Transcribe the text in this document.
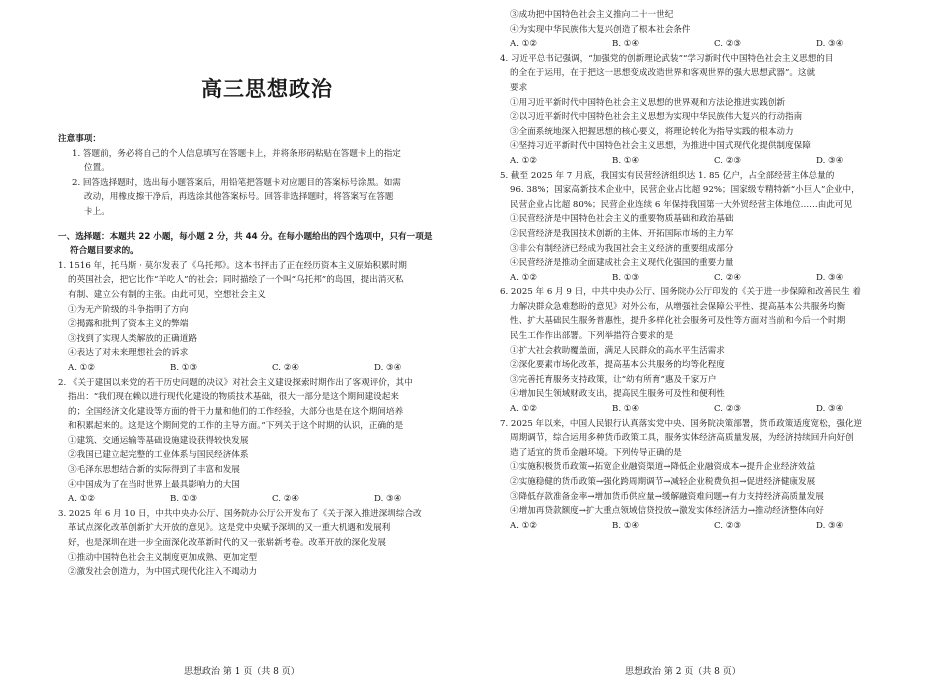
高三思想政治
注意事项：
1. 答题前，务必将自己的个人信息填写在答题卡上，并将条形码粘贴在答题卡上的指定
位置。
2. 回答选择题时，选出每小题答案后，用铅笔把答题卡对应题目的答案标号涂黑。如需
改动，用橡皮擦干净后，再选涂其他答案标号。回答非选择题时，将答案写在答题
卡上。
一、选择题：本题共 22 小题，每小题 2 分，共 44 分。在每小题给出的四个选项中，只有一项是
符合题目要求的。
1. 1516 年，托马斯 · 莫尔发表了《乌托邦》。这本书抨击了正在经历资本主义原始积累时期
的英国社会，把它比作“羊吃人”的社会；同时描绘了一个叫“乌托邦”的岛国，提出消灭私
有制、建立公有制的主张。由此可见，空想社会主义
①为无产阶级的斗争指明了方向
②揭露和批判了资本主义的弊端
③找到了实现人类解放的正确道路
④表达了对未来理想社会的诉求
A. ①②	B. ①③	C. ②④	D. ③④
2. 《关于建国以来党的若干历史问题的决议》对社会主义建设探索时期作出了客观评价，其中
指出：“我们现在赖以进行现代化建设的物质技术基础，很大一部分是这个期间建设起来
的；全国经济文化建设等方面的骨干力量和他们的工作经验，大部分也是在这个期间培养
和积累起来的。这是这个期间党的工作的主导方面。”下列关于这个时期的认识，正确的是
①建筑、交通运输等基础设施建设获得较快发展
②我国已建立起完整的工业体系与国民经济体系
③毛泽东思想结合新的实际得到了丰富和发展
④中国成为了在当时世界上最具影响力的大国
A. ①②	B. ①③	C. ②④	D. ③④
3. 2025 年 6 月 10 日，中共中央办公厅、国务院办公厅公开发布了《关于深入推进深圳综合改
革试点深化改革创新扩大开放的意见》。这是党中央赋予深圳的又一重大机遇和发展利
好，也是深圳在进一步全面深化改革新时代的又一张崭新考卷。改革开放的深化发展
①推动中国特色社会主义制度更加成熟、更加定型
②激发社会创造力，为中国式现代化注入不竭动力
思想政治 第 1 页（共 8 页）
③成功把中国特色社会主义推向二十一世纪
④为实现中华民族伟大复兴创造了根本社会条件
A. ①②	B. ①④	C. ②③	D. ③④
4. 习近平总书记强调，“加强党的创新理论武装”“学习新时代中国特色社会主义思想的目
的全在于运用，在于把这一思想变成改造世界和客观世界的强大思想武器”。这就
要求
①用习近平新时代中国特色社会主义思想的世界观和方法论推进实践创新
②以习近平新时代中国特色社会主义思想为实现中华民族伟大复兴的行动指南
③全面系统地深入把握思想的核心要义，将理论转化为指导实践的根本动力
④坚持习近平新时代中国特色社会主义思想，为推进中国式现代化提供制度保障
A. ①②	B. ①④	C. ②③	D. ③④
5. 截至 2025 年 7 月底，我国实有民营经济组织达 1. 85 亿户，占全部经营主体总量的
96. 38%；国家高新技术企业中，民营企业占比超 92%；国家级专精特新“小巨人”企业中，
民营企业占比超 80%；民营企业连续 6 年保持我国第一大外贸经营主体地位……由此可见
①民营经济是中国特色社会主义的重要物质基础和政治基础
②民营经济是我国技术创新的主体、开拓国际市场的主力军
③非公有制经济已经成为我国社会主义经济的重要组成部分
④民营经济是推动全面建成社会主义现代化强国的重要力量
A. ①②	B. ①③	C. ②④	D. ③④
6. 2025 年 6 月 9 日，中共中央办公厅、国务院办公厅印发的《关于进一步保障和改善民生 着
力解决群众急难愁盼的意见》对外公布，从增强社会保障公平性、提高基本公共服务均衡
性、扩大基础民生服务普惠性，提升多样化社会服务可及性等方面对当前和今后一个时期
民生工作作出部署。下列举措符合要求的是
①扩大社会救助覆盖面，满足人民群众的高水平生活需求
②深化要素市场化改革，提高基本公共服务的均等化程度
③完善托育服务支持政策，让“幼有所育”惠及千家万户
④增加民生领域财政支出，提高民生服务可及性和便利性
A. ①②	B. ①④	C. ②③	D. ③④
7. 2025 年以来，中国人民银行认真落实党中央、国务院决策部署，货币政策适度宽松，强化逆
周期调节，综合运用多种货币政策工具，服务实体经济高质量发展，为经济持续回升向好创
造了适宜的货币金融环境。下列传导正确的是
①实施积极货币政策→拓宽企业融资渠道→降低企业融资成本→提升企业经济效益
②实施稳健的货币政策→强化跨周期调节→减轻企业税费负担→促进经济健康发展
③降低存款准备金率→增加货币供应量→缓解融资难问题→有力支持经济高质量发展
④增加再贷款额度→扩大重点领域信贷投放→激发实体经济活力→推动经济整体向好
A. ①②	B. ①④	C. ②③	D. ③④
思想政治 第 2 页（共 8 页）
